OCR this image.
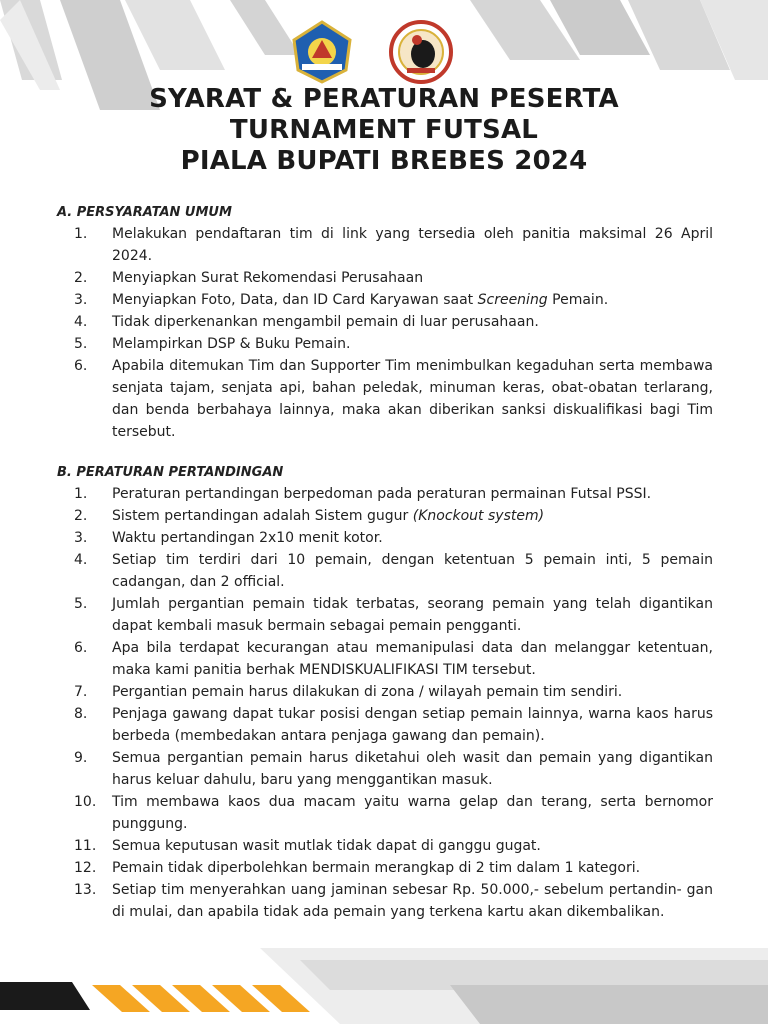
SYARAT & PERATURAN PESERTA
TURNAMENT FUTSAL
PIALA BUPATI BREBES 2024

A. PERSYARATAN UMUM

1.	Melakukan pendaftaran tim di link yang tersedia oleh panitia maksimal 26 April 2024.
2.	Menyiapkan Surat Rekomendasi Perusahaan
3.	Menyiapkan Foto, Data, dan ID Card Karyawan saat Screening Pemain.
4.	Tidak diperkenankan mengambil pemain di luar perusahaan.
5.	Melampirkan DSP & Buku Pemain.
6.	Apabila ditemukan Tim dan Supporter Tim menimbulkan kegaduhan serta membawa senjata tajam, senjata api, bahan peledak, minuman keras, obat-obatan terlarang, dan benda berbahaya lainnya, maka akan diberikan sanksi diskualifikasi bagi Tim tersebut.

B. PERATURAN PERTANDINGAN

1.	Peraturan pertandingan berpedoman pada peraturan permainan Futsal PSSI.
2.	Sistem pertandingan adalah Sistem gugur (Knockout system)
3.	Waktu pertandingan 2x10 menit kotor.
4.	Setiap tim terdiri dari 10 pemain, dengan ketentuan 5 pemain inti, 5 pemain cadangan, dan 2 official.
5.	Jumlah pergantian pemain tidak terbatas, seorang pemain yang telah digantikan dapat kembali masuk bermain sebagai pemain pengganti.
6.	Apa bila terdapat kecurangan atau memanipulasi data dan melanggar ketentuan, maka kami panitia berhak MENDISKUALIFIKASI TIM tersebut.
7.	Pergantian pemain harus dilakukan di zona / wilayah pemain tim sendiri.
8.	Penjaga gawang dapat tukar posisi dengan setiap pemain lainnya, warna kaos harus berbeda (membedakan antara penjaga gawang dan pemain).
9.	Semua pergantian pemain harus diketahui oleh wasit dan pemain yang digantikan harus keluar dahulu, baru yang menggantikan masuk.
10.	Tim membawa kaos dua macam yaitu warna gelap dan terang, serta bernomor punggung.
11.	Semua keputusan wasit mutlak tidak dapat di ganggu gugat.
12.	Pemain tidak diperbolehkan bermain merangkap di 2 tim dalam 1 kategori.
13.	Setiap tim menyerahkan uang jaminan sebesar Rp. 50.000,- sebelum pertandin- gan di mulai, dan apabila tidak ada pemain yang terkena kartu akan dikembalikan.
